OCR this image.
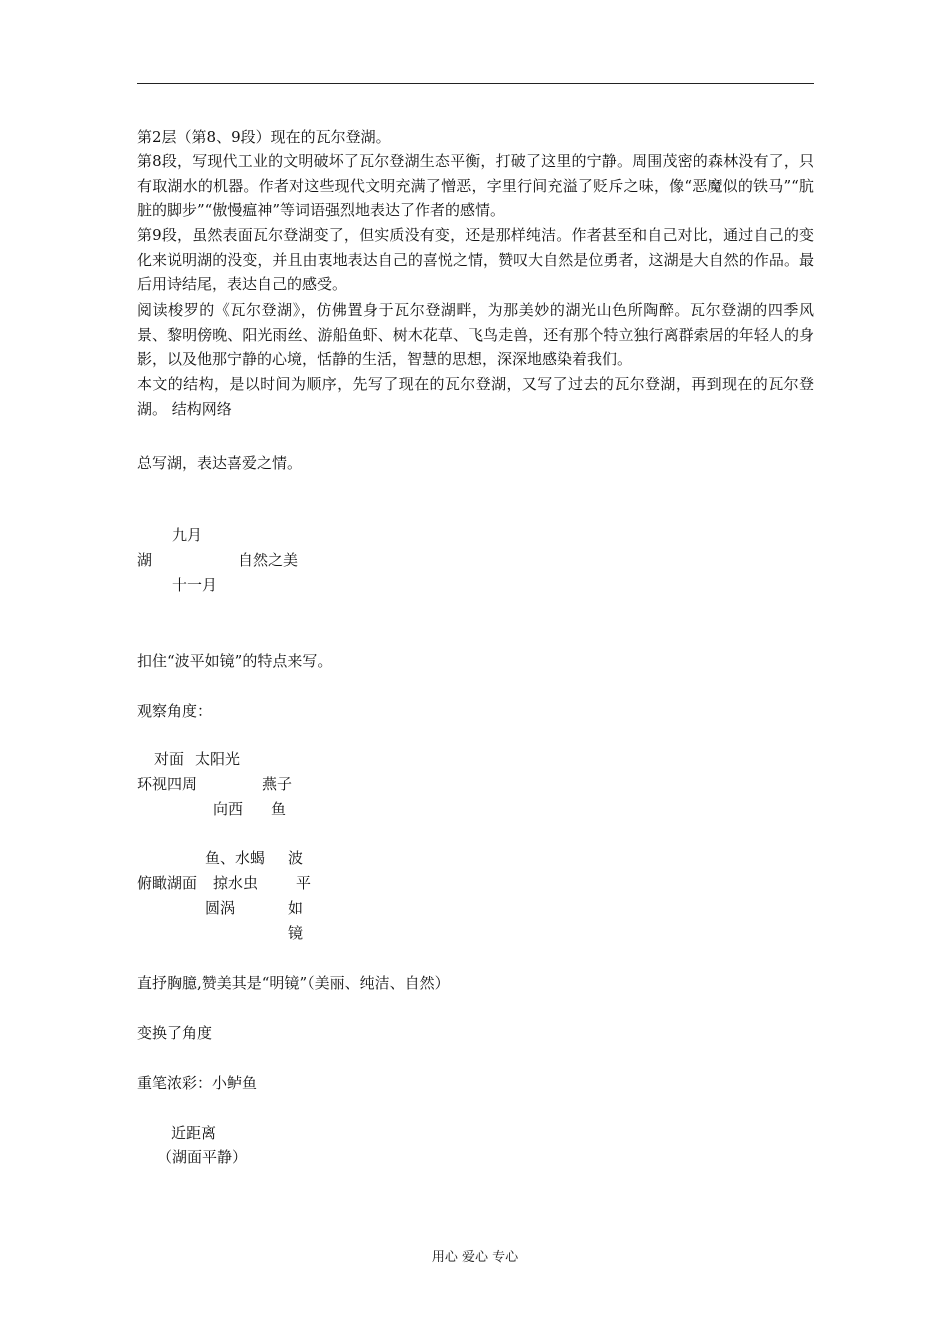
第2层（第8、9段）现在的瓦尔登湖。
第8段，写现代工业的文明破坏了瓦尔登湖生态平衡，打破了这里的宁静。周围茂密的森林没有了，只有取湖水的机器。作者对这些现代文明充满了憎恶，字里行间充溢了贬斥之味，像“恶魔似的铁马”“肮脏的脚步”“傲慢瘟神”等词语强烈地表达了作者的感情。
第9段，虽然表面瓦尔登湖变了，但实质没有变，还是那样纯洁。作者甚至和自己对比，通过自己的变化来说明湖的没变，并且由衷地表达自己的喜悦之情，赞叹大自然是位勇者，这湖是大自然的作品。最后用诗结尾，表达自己的感受。
阅读梭罗的《瓦尔登湖》，仿佛置身于瓦尔登湖畔，为那美妙的湖光山色所陶醉。瓦尔登湖的四季风景、黎明傍晚、阳光雨丝、游船鱼虾、树木花草、飞鸟走兽，还有那个特立独行离群索居的年轻人的身影，以及他那宁静的心境，恬静的生活，智慧的思想，深深地感染着我们。
本文的结构，是以时间为顺序，先写了现在的瓦尔登湖，又写了过去的瓦尔登湖，再到现在的瓦尔登湖。 结构网络
总写湖，表达喜爱之情。
九月
湖	自然之美
十一月
扣住“波平如镜”的特点来写。
观察角度：
对面 太阳光
环视四周	燕子
向西 鱼
鱼、水蝎 波
俯瞰湖面 掠水虫	平
圆涡	如
镜
直抒胸臆,赞美其是“明镜”（美丽、纯洁、自然）
变换了角度
重笔浓彩：小鲈鱼
近距离
（湖面平静）
用心 爱心 专心
